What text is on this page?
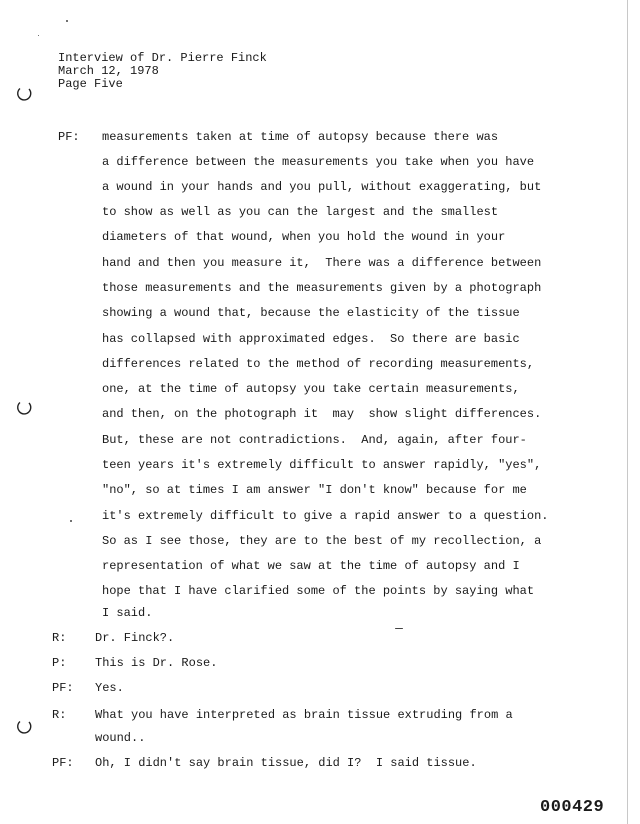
Interview of Dr. Pierre Finck
March 12, 1978
Page Five
PF: measurements taken at time of autopsy because there was
a difference between the measurements you take when you have
a wound in your hands and you pull, without exaggerating, but
to show as well as you can the largest and the smallest
diameters of that wound, when you hold the wound in your
hand and then you measure it,  There was a difference between
those measurements and the measurements given by a photograph
showing a wound that, because the elasticity of the tissue
has collapsed with approximated edges.  So there are basic
differences related to the method of recording measurements,
one, at the time of autopsy you take certain measurements,
and then, on the photograph it  may  show slight differences.
But, these are not contradictions.  And, again, after four-
teen years it's extremely difficult to answer rapidly, "yes",
"no", so at times I am answer "I don't know" because for me
it's extremely difficult to give a rapid answer to a question.
So as I see those, they are to the best of my recollection, a
representation of what we saw at the time of autopsy and I
hope that I have clarified some of the points by saying what
I said.
R: Dr. Finck?.
P: This is Dr. Rose.
PF: Yes.
R: What you have interpreted as brain tissue extruding from a
wound..
PF: Oh, I didn't say brain tissue, did I?  I said tissue.
000429
